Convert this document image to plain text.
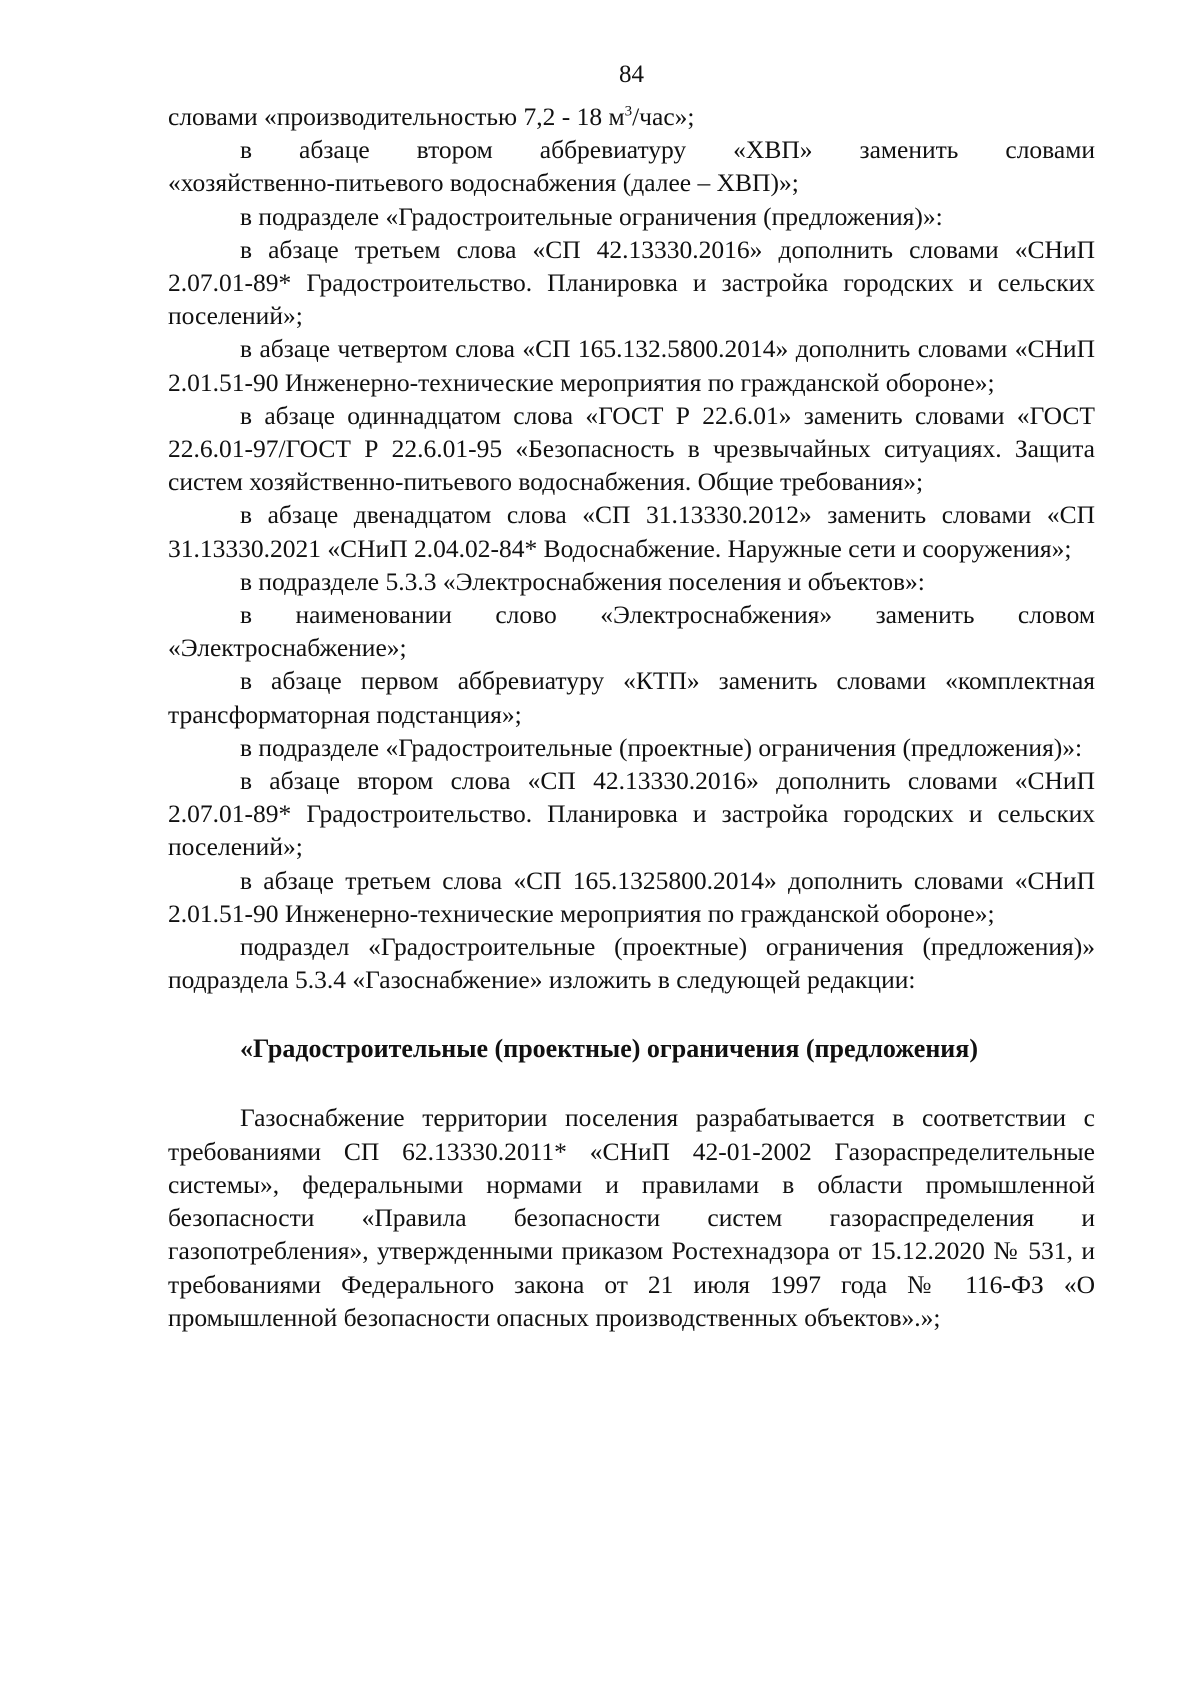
84

словами «производительностью 7,2 - 18 $м^3$/час»;

в абзаце втором аббревиатуру «ХВП» заменить словами

«хозяйственно-питьевого водоснабжения (далее – ХВП)»;

в подразделе «Градостроительные ограничения (предложения)»:

в абзаце третьем слова «СП 42.13330.2016» дополнить словами «СНиП 2.07.01-89* Градостроительство. Планировка и застройка городских и сельских поселений»;

в абзаце четвертом слова «СП 165.132.5800.2014» дополнить словами «СНиП 2.01.51-90 Инженерно-технические мероприятия по гражданской обороне»;

в абзаце одиннадцатом слова «ГОСТ Р 22.6.01» заменить словами «ГОСТ 22.6.01-97/ГОСТ Р 22.6.01-95 «Безопасность в чрезвычайных ситуациях. Защита систем хозяйственно-питьевого водоснабжения. Общие требования»;

в абзаце двенадцатом слова «СП 31.13330.2012» заменить словами «СП 31.13330.2021 «СНиП 2.04.02-84* Водоснабжение. Наружные сети и сооружения»;

в подразделе 5.3.3 «Электроснабжения поселения и объектов»:

в наименовании слово «Электроснабжения» заменить словом «Электроснабжение»;

в абзаце первом аббревиатуру «КТП» заменить словами «комплектная трансформаторная подстанция»;

в подразделе «Градостроительные (проектные) ограничения (предложения)»:

в абзаце втором слова «СП 42.13330.2016» дополнить словами «СНиП 2.07.01-89* Градостроительство. Планировка и застройка городских и сельских поселений»;

в абзаце третьем слова «СП 165.1325800.2014» дополнить словами «СНиП 2.01.51-90 Инженерно-технические мероприятия по гражданской обороне»;

подраздел «Градостроительные (проектные) ограничения (предложения)» подраздела 5.3.4 «Газоснабжение» изложить в следующей редакции:

«Градостроительные (проектные) ограничения (предложения)

Газоснабжение территории поселения разрабатывается в соответствии с требованиями СП 62.13330.2011* «СНиП 42-01-2002 Газораспределительные системы», федеральными нормами и правилами в области промышленной безопасности «Правила безопасности систем газораспределения и газопотребления», утвержденными приказом Ростехнадзора от 15.12.2020 № 531, и требованиями Федерального закона от 21 июля 1997 года № 116-ФЗ «О промышленной безопасности опасных производственных объектов».»;
